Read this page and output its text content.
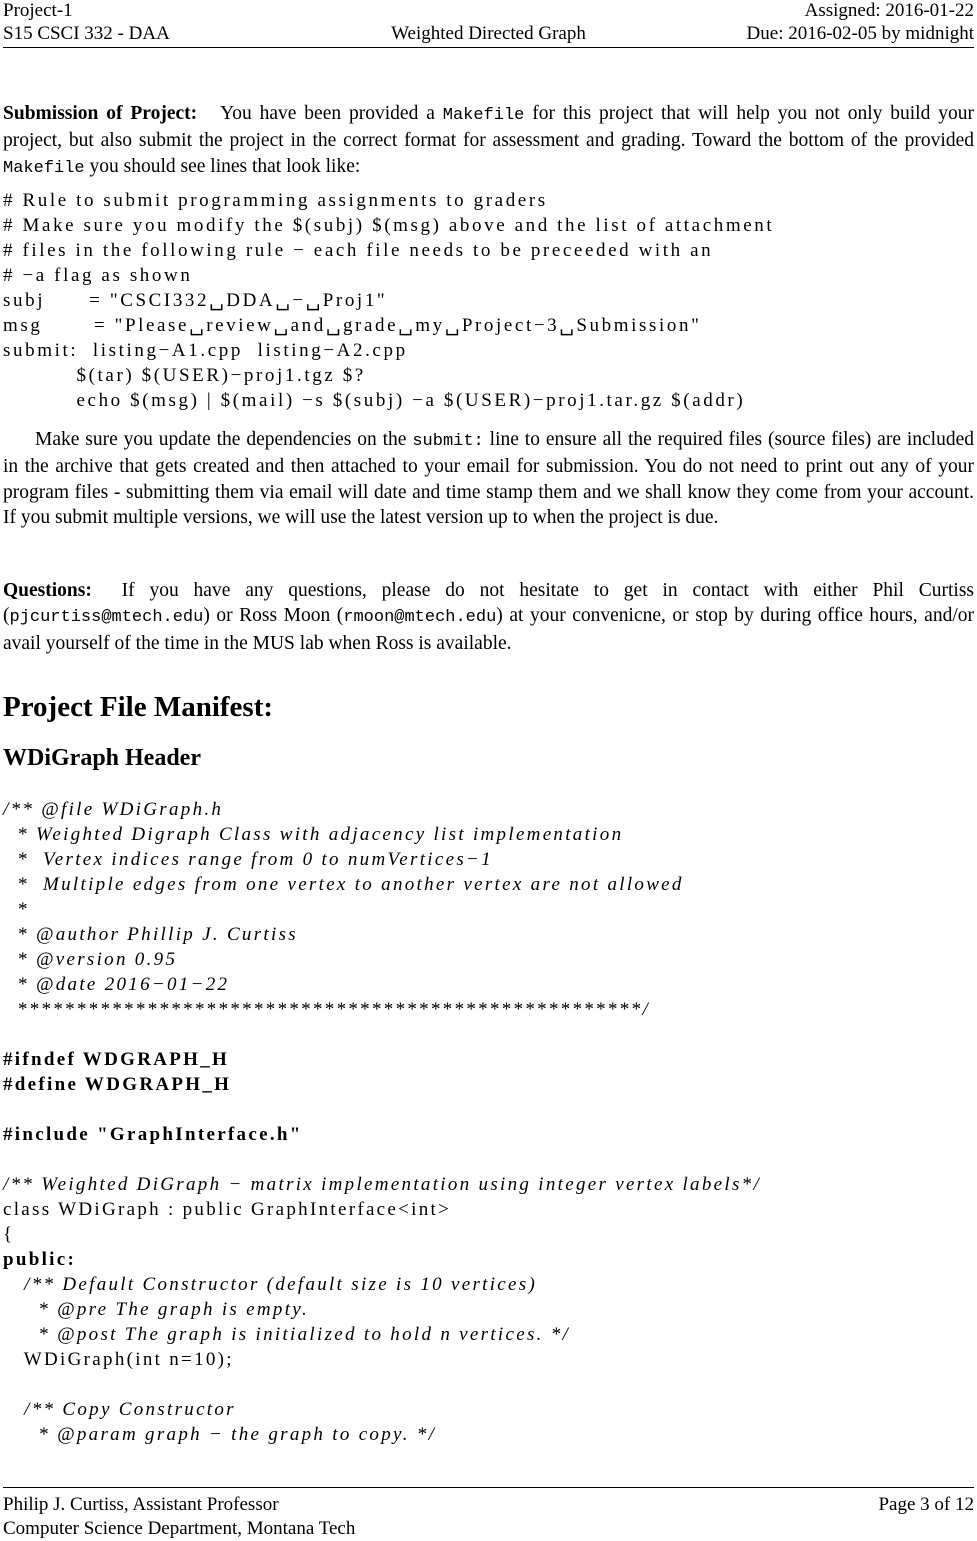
Project-1	Assigned: 2016-01-22
S15 CSCI 332 - DAA	Weighted Directed Graph	Due: 2016-02-05 by midnight
Submission of Project: You have been provided a Makefile for this project that will help you not only build your project, but also submit the project in the correct format for assessment and grading. Toward the bottom of the provided Makefile you should see lines that look like:
# Rule to submit programming assignments to graders
# Make sure you modify the $(subj) $(msg) above and the list of attachment
# files in the following rule − each file needs to be preceeded with an
# −a flag as shown
subj      = "CSCI332␣DDA␣−␣Proj1"
msg       = "Please␣review␣and␣grade␣my␣Project−3␣Submission"
submit:  listing−A1.cpp  listing−A2.cpp
$(tar) $(USER)−proj1.tgz $?
echo $(msg) | $(mail) −s $(subj) −a $(USER)−proj1.tar.gz $(addr)
Make sure you update the dependencies on the submit: line to ensure all the required files (source files) are included in the archive that gets created and then attached to your email for submission. You do not need to print out any of your program files - submitting them via email will date and time stamp them and we shall know they come from your account. If you submit multiple versions, we will use the latest version up to when the project is due.
Questions: If you have any questions, please do not hesitate to get in contact with either Phil Curtiss (pjcurtiss@mtech.edu) or Ross Moon (rmoon@mtech.edu) at your convenicne, or stop by during office hours, and/or avail yourself of the time in the MUS lab when Ross is available.
Project File Manifest:
WDiGraph Header
/** @file WDiGraph.h
* Weighted Digraph Class with adjacency list implementation
*  Vertex indices range from 0 to numVertices−1
*  Multiple edges from one vertex to another vertex are not allowed
*
* @author Phillip J. Curtiss
* @version 0.95
* @date 2016−01−22
*****************************************************/
#ifndef WDGRAPH_H
#define WDGRAPH_H
#include "GraphInterface.h"
/** Weighted DiGraph − matrix implementation using integer vertex labels*/
class WDiGraph : public GraphInterface<int>
{
public:
/** Default Constructor (default size is 10 vertices)
* @pre The graph is empty.
* @post The graph is initialized to hold n vertices. */
WDiGraph(int n=10);
/** Copy Constructor
* @param graph − the graph to copy. */
Philip J. Curtiss, Assistant Professor	Page 3 of 12
Computer Science Department, Montana Tech
